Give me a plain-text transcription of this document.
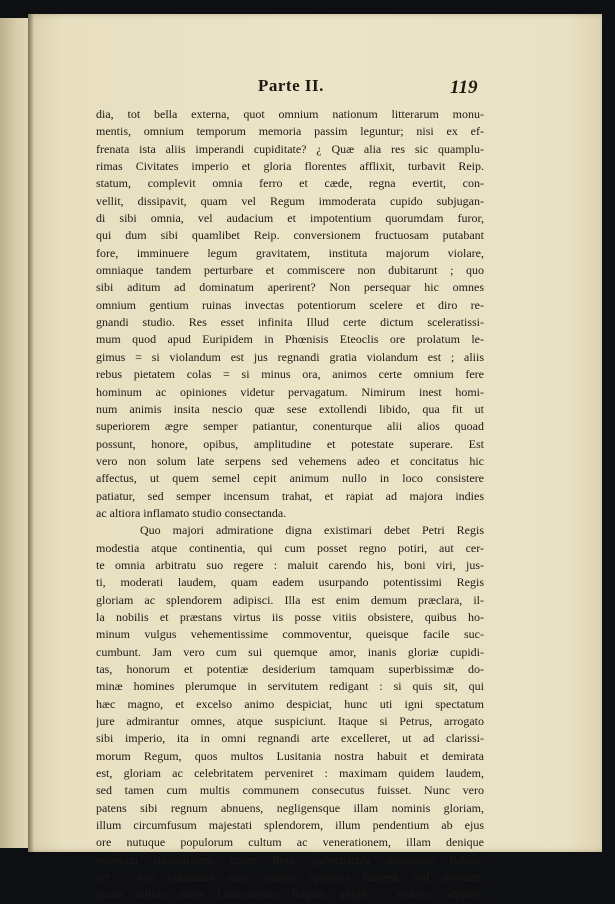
Parte II.	119
dia, tot bella externa, quot omnium nationum litterarum monu-
mentis, omnium temporum memoria passim leguntur; nisi ex ef-
frenata ista aliis imperandi cupiditate? ¿ Quæ alia res sic quamplu-
rimas Civitates imperio et gloria florentes afflixit, turbavit Reip.
statum, complevit omnia ferro et cæde, regna evertit, con-
vellit, dissipavit, quam vel Regum immoderata cupido subjugan-
di sibi omnia, vel audacium et impotentium quorumdam furor,
qui dum sibi quamlibet Reip. conversionem fructuosam putabant
fore, imminuere legum gravitatem, instituta majorum violare,
omniaque tandem perturbare et commiscere non dubitarunt ; quo
sibi aditum ad dominatum aperirent? Non persequar hic omnes
omnium gentium ruinas invectas potentiorum scelere et diro re-
gnandi studio. Res esset infinita Illud certe dictum sceleratissi-
mum quod apud Euripidem in Phœnisis Eteoclis ore prolatum le-
gimus = si violandum est jus regnandi gratia violandum est ; aliis
rebus pietatem colas = si minus ora, animos certe omnium fere
hominum ac opiniones videtur pervagatum. Nimirum inest homi-
num animis insita nescio quæ sese extollendi libido, qua fit ut
superiorem ægre semper patiantur, conenturque alii alios quoad
possunt, honore, opibus, amplitudine et potestate superare. Est
vero non solum late serpens sed vehemens adeo et concitatus hic
affectus, ut quem semel cepit animum nullo in loco consistere
patiatur, sed semper incensum trahat, et rapiat ad majora indies
ac altiora inflamato studio consectanda.
Quo majori admiratione digna existimari debet Petri Regis
modestia atque continentia, qui cum posset regno potiri, aut cer-
te omnia arbitratu suo regere : maluit carendo his, boni viri, jus-
ti, moderati laudem, quam eadem usurpando potentissimi Regis
gloriam ac splendorem adipisci. Illa est enim demum præclara, il-
la nobilis et præstans virtus iis posse vitiis obsistere, quibus ho-
minum vulgus vehementissime commoventur, queisque facile suc-
cumbunt. Jam vero cum sui quemque amor, inanis gloriæ cupidi-
tas, honorum et potentiæ desiderium tamquam superbissimæ do-
minæ homines plerumque in servitutem redigant : si quis sit, qui
hæc magno, et excelso animo despiciat, hunc uti igni spectatum
jure admirantur omnes, atque suspiciunt. Itaque si Petrus, arrogato
sibi imperio, ita in omni regnandi arte excelleret, ut ad clarissi-
morum Regum, quos multos Lusitania nostra habuit et demirata
est, gloriam ac celebritatem perveniret : maximam quidem laudem,
sed tamen cum multis communem consecutus fuisset. Nunc vero
patens sibi regnum abnuens, negligensque illam nominis gloriam,
illum circumfusum majestati splendorem, illum pendentium ab ejus
ore nutuque populorum cultum ac venerationem, illam denique
eximiam auctoritatem, quam Reip. gubernacula suscipiens habitu-
set : non humanam mea quidem opinione laudem, sed divinam,
quam nullus antea Lusitanorum Regum attigit ; videtur adeptus.
